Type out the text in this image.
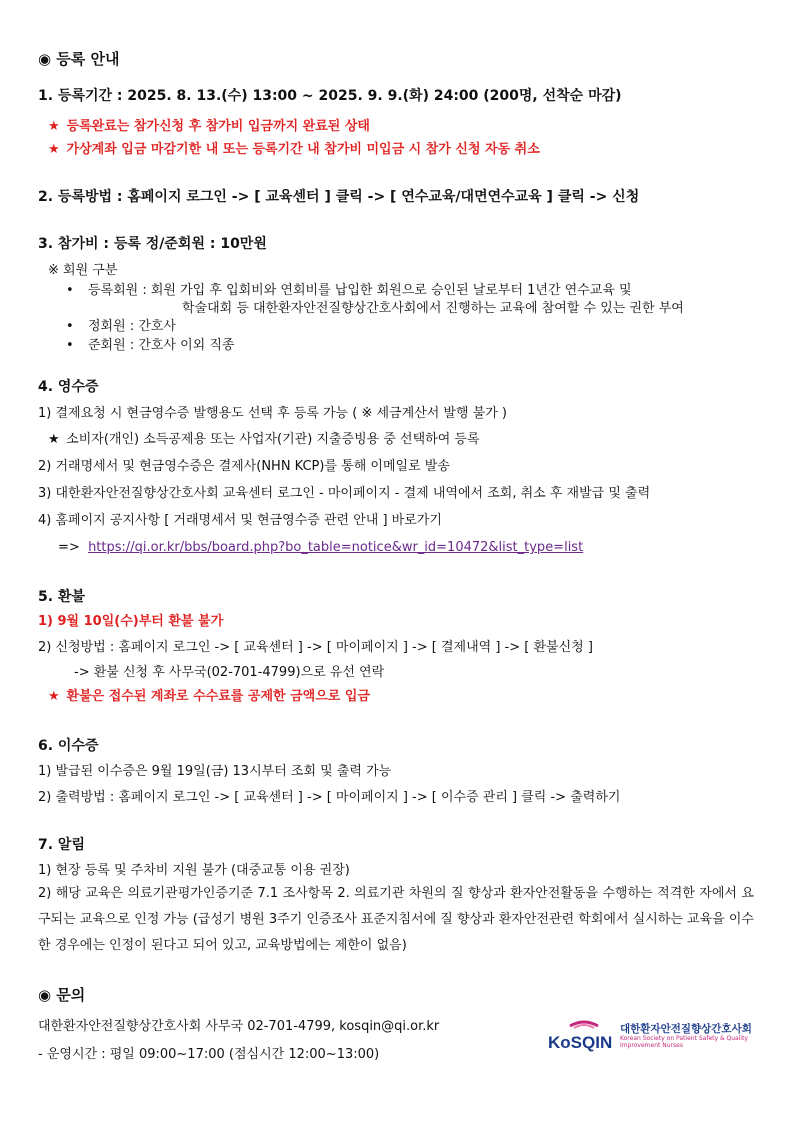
◉ 등록 안내
1. 등록기간 : 2025. 8. 13.(수) 13:00 ~ 2025. 9. 9.(화) 24:00 (200명, 선착순 마감)
★ 등록완료는 참가신청 후 참가비 입금까지 완료된 상태
★ 가상계좌 입금 마감기한 내 또는 등록기간 내 참가비 미입금 시 참가 신청 자동 취소
2. 등록방법 : 홈페이지 로그인 -> [ 교육센터 ] 클릭 -> [ 연수교육/대면연수교육 ] 클릭 -> 신청
3. 참가비 : 등록 정/준회원 : 10만원
※ 회원 구분
• 등록회원 : 회원 가입 후 입회비와 연회비를 납입한 회원으로 승인된 날로부터 1년간 연수교육 및
학술대회 등 대한환자안전질향상간호사회에서 진행하는 교육에 참여할 수 있는 권한 부여
• 정회원 : 간호사
• 준회원 : 간호사 이외 직종
4. 영수증
1) 결제요청 시 현금영수증 발행용도 선택 후 등록 가능 ( ※ 세금계산서 발행 불가 )
★ 소비자(개인) 소득공제용 또는 사업자(기관) 지출증빙용 중 선택하여 등록
2) 거래명세서 및 현금영수증은 결제사(NHN KCP)를 통해 이메일로 발송
3) 대한환자안전질향상간호사회 교육센터 로그인 - 마이페이지 - 결제 내역에서 조회, 취소 후 재발급 및 출력
4) 홈페이지 공지사항 [ 거래명세서 및 현금영수증 관련 안내 ] 바로가기
=> https://qi.or.kr/bbs/board.php?bo_table=notice&wr_id=10472&list_type=list
5. 환불
1) 9월 10일(수)부터 환불 불가
2) 신청방법 : 홈페이지 로그인 -> [ 교육센터 ] -> [ 마이페이지 ] -> [ 결제내역 ] -> [ 환불신청 ]
-> 환불 신청 후 사무국(02-701-4799)으로 유선 연락
★ 환불은 접수된 계좌로 수수료를 공제한 금액으로 입금
6. 이수증
1) 발급된 이수증은 9월 19일(금) 13시부터 조회 및 출력 가능
2) 출력방법 : 홈페이지 로그인 -> [ 교육센터 ] -> [ 마이페이지 ] -> [ 이수증 관리 ] 클릭 -> 출력하기
7. 알림
1) 현장 등록 및 주차비 지원 불가 (대중교통 이용 권장)
2) 해당 교육은 의료기관평가인증기준 7.1 조사항목 2. 의료기관 차원의 질 향상과 환자안전활동을 수행하는 적격한 자에서 요구되는 교육으로 인정 가능 (급성기 병원 3주기 인증조사 표준지침서에 질 향상과 환자안전관련 학회에서 실시하는 교육을 이수한 경우에는 인정이 된다고 되어 있고, 교육방법에는 제한이 없음)
◉ 문의
대한환자안전질향상간호사회 사무국 02-701-4799, kosqin@qi.or.kr
- 운영시간 : 평일 09:00~17:00 (점심시간 12:00~13:00)
KoSQIN
대한환자안전질향상간호사회
Korean Society on Patient Safety & Quality
Improvement Nurses
